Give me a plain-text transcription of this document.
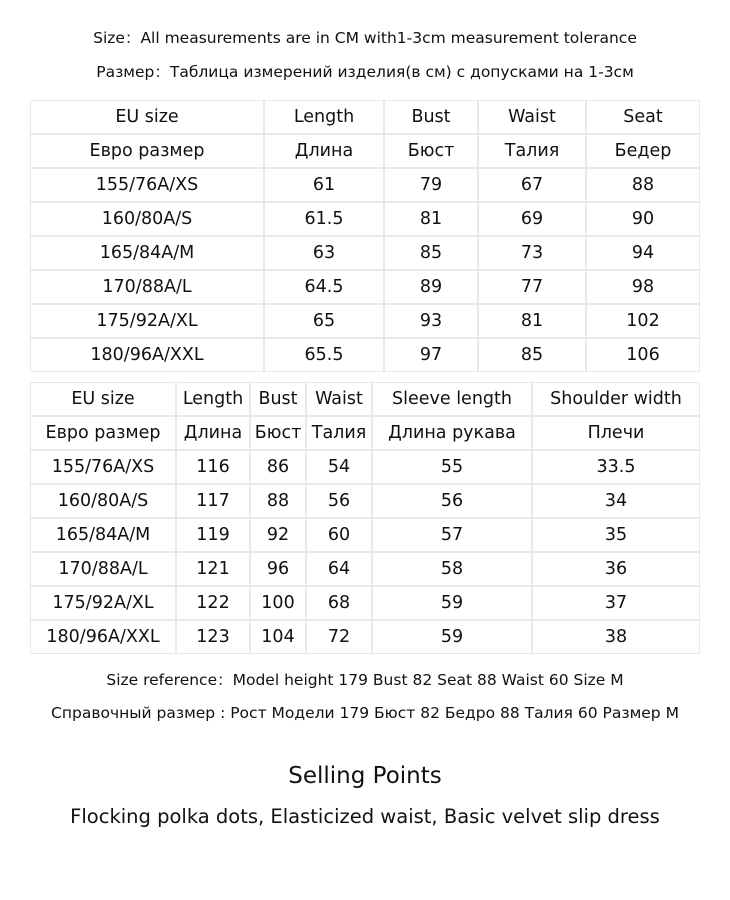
Size：All measurements are in CM with1-3cm measurement tolerance
Размер：Таблица измерений изделия(в см) с допусками на 1-3см
EU size	Length	Bust	Waist	Seat
Евро размер	Длина	Бюст	Талия	Бедер
155/76A/XS	61	79	67	88
160/80A/S	61.5	81	69	90
165/84A/M	63	85	73	94
170/88A/L	64.5	89	77	98
175/92A/XL	65	93	81	102
180/96A/XXL	65.5	97	85	106
EU size	Length	Bust	Waist	Sleeve length	Shoulder width
Евро размер	Длина	Бюст	Талия	Длина рукава	Плечи
155/76A/XS	116	86	54	55	33.5
160/80A/S	117	88	56	56	34
165/84A/M	119	92	60	57	35
170/88A/L	121	96	64	58	36
175/92A/XL	122	100	68	59	37
180/96A/XXL	123	104	72	59	38
Size reference：Model height 179 Bust 82 Seat 88 Waist 60 Size M
Справочный размер : Рост Модели 179 Бюст 82 Бедро 88 Талия 60 Размер M
Selling Points
Flocking polka dots, Elasticized waist, Basic velvet slip dress
